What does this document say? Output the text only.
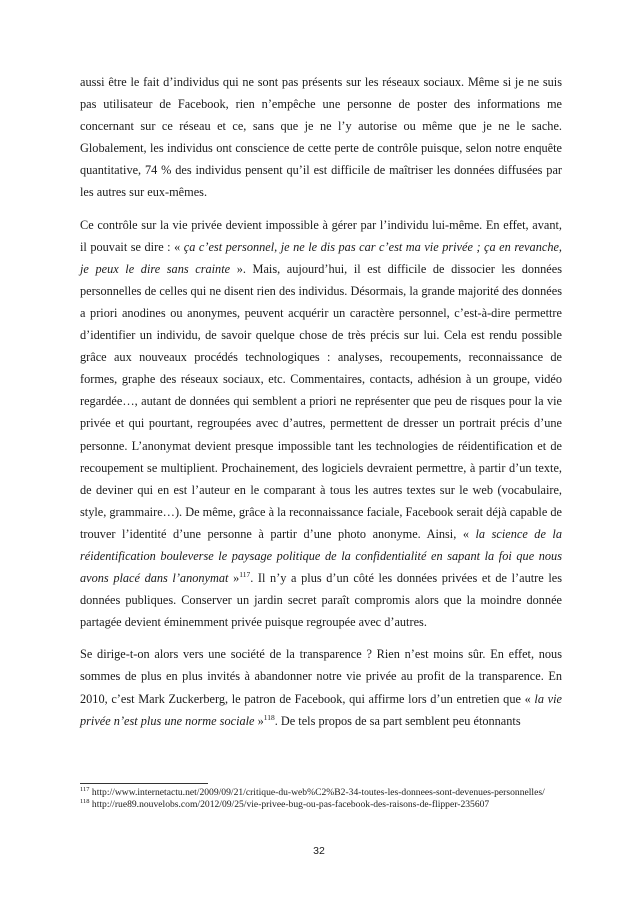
aussi être le fait d’individus qui ne sont pas présents sur les réseaux sociaux. Même si je ne suis pas utilisateur de Facebook, rien n’empêche une personne de poster des informations me concernant sur ce réseau et ce, sans que je ne l’y autorise ou même que je ne le sache. Globalement, les individus ont conscience de cette perte de contrôle puisque, selon notre enquête quantitative, 74 % des individus pensent qu’il est difficile de maîtriser les données diffusées par les autres sur eux-mêmes.

Ce contrôle sur la vie privée devient impossible à gérer par l’individu lui-même. En effet, avant, il pouvait se dire : « ça c’est personnel, je ne le dis pas car c’est ma vie privée ; ça en revanche, je peux le dire sans crainte ». Mais, aujourd’hui, il est difficile de dissocier les données personnelles de celles qui ne disent rien des individus. Désormais, la grande majorité des données a priori anodines ou anonymes, peuvent acquérir un caractère personnel, c’est-à-dire permettre d’identifier un individu, de savoir quelque chose de très précis sur lui. Cela est rendu possible grâce aux nouveaux procédés technologiques : analyses, recoupements, reconnaissance de formes, graphe des réseaux sociaux, etc. Commentaires, contacts, adhésion à un groupe, vidéo regardée…, autant de données qui semblent a priori ne représenter que peu de risques pour la vie privée et qui pourtant, regroupées avec d’autres, permettent de dresser un portrait précis d’une personne. L’anonymat devient presque impossible tant les technologies de réidentification et de recoupement se multiplient. Prochainement, des logiciels devraient permettre, à partir d’un texte, de deviner qui en est l’auteur en le comparant à tous les autres textes sur le web (vocabulaire, style, grammaire…). De même, grâce à la reconnaissance faciale, Facebook serait déjà capable de trouver l’identité d’une personne à partir d’une photo anonyme. Ainsi, « la science de la réidentification bouleverse le paysage politique de la confidentialité en sapant la foi que nous avons placé dans l’anonymat »$^{117}$. Il n’y a plus d’un côté les données privées et de l’autre les données publiques. Conserver un jardin secret paraît compromis alors que la moindre donnée partagée devient éminemment privée puisque regroupée avec d’autres.

Se dirige-t-on alors vers une société de la transparence ? Rien n’est moins sûr. En effet, nous sommes de plus en plus invités à abandonner notre vie privée au profit de la transparence. En 2010, c’est Mark Zuckerberg, le patron de Facebook, qui affirme lors d’un entretien que « la vie privée n’est plus une norme sociale »$^{118}$. De tels propos de sa part semblent peu étonnants

$^{117}$ http://www.internetactu.net/2009/09/21/critique-du-web%C2%B2-34-toutes-les-donnees-sont-devenues-personnelles/

$^{118}$ http://rue89.nouvelobs.com/2012/09/25/vie-privee-bug-ou-pas-facebook-des-raisons-de-flipper-235607

32
